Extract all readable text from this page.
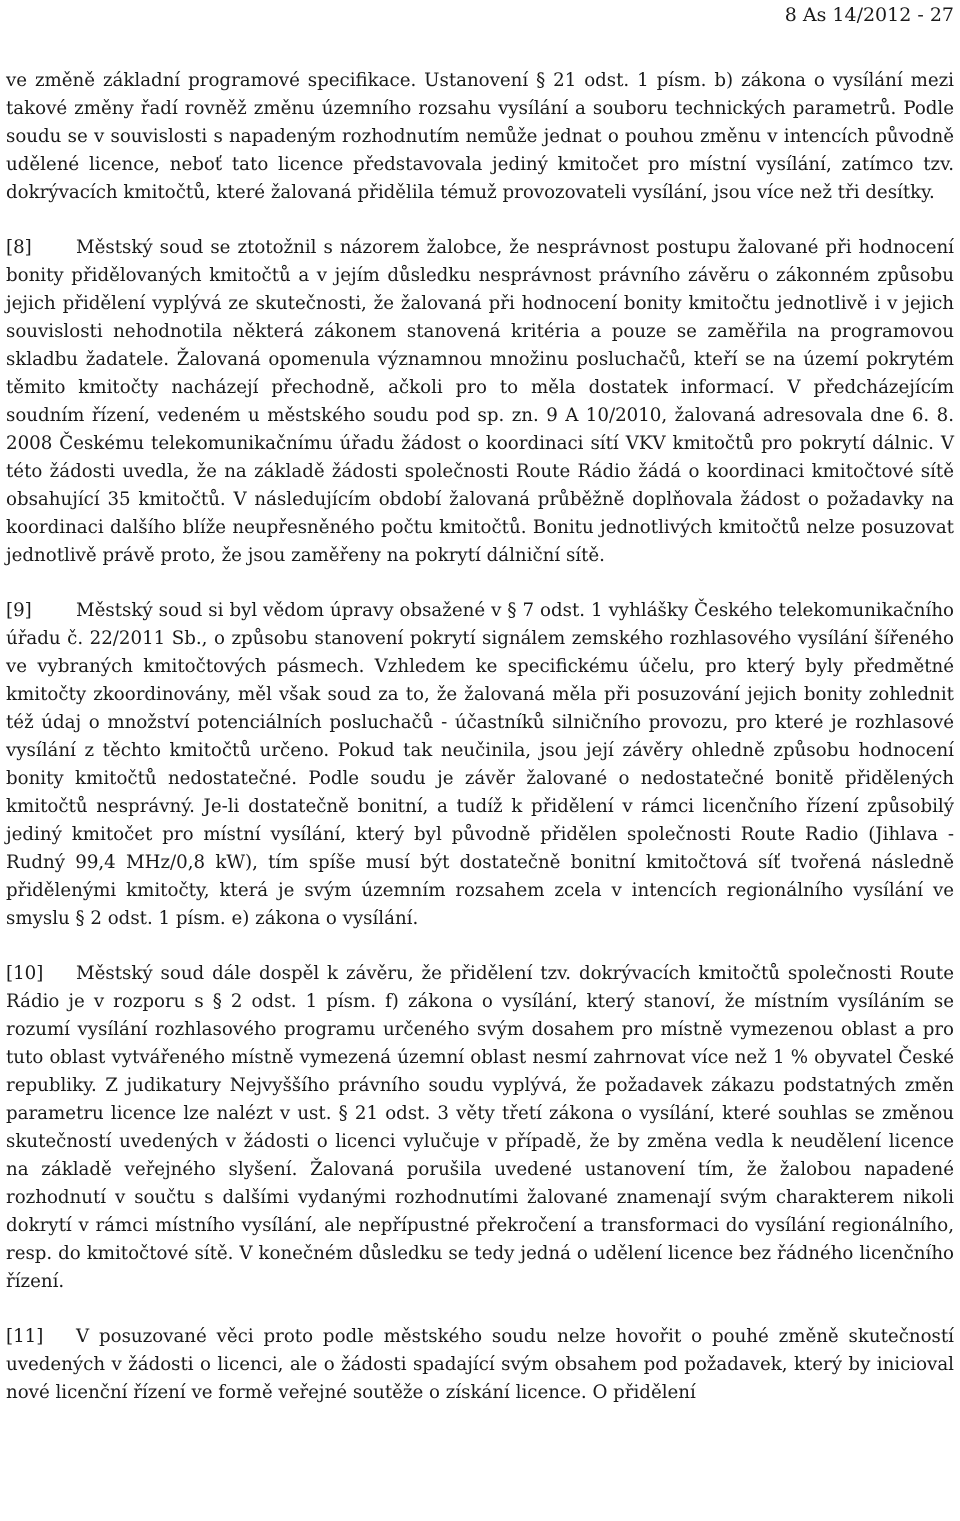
8 As 14/2012 - 27

ve změně základní programové specifikace. Ustanovení § 21 odst. 1 písm. b) zákona o vysílání mezi takové změny řadí rovněž změnu územního rozsahu vysílání a souboru technických parametrů. Podle soudu se v souvislosti s napadeným rozhodnutím nemůže jednat o pouhou změnu v intencích původně udělené licence, neboť tato licence představovala jediný kmitočet pro místní vysílání, zatímco tzv. dokrývacích kmitočtů, které žalovaná přidělila témuž provozovateli vysílání, jsou více než tři desítky.

[8] Městský soud se ztotožnil s názorem žalobce, že nesprávnost postupu žalované při hodnocení bonity přidělovaných kmitočtů a v jejím důsledku nesprávnost právního závěru o zákonném způsobu jejich přidělení vyplývá ze skutečnosti, že žalovaná při hodnocení bonity kmitočtu jednotlivě i v jejich souvislosti nehodnotila některá zákonem stanovená kritéria a pouze se zaměřila na programovou skladbu žadatele. Žalovaná opomenula významnou množinu posluchačů, kteří se na území pokrytém těmito kmitočty nacházejí přechodně, ačkoli pro to měla dostatek informací. V předcházejícím soudním řízení, vedeném u městského soudu pod sp. zn. 9 A 10/2010, žalovaná adresovala dne 6. 8. 2008 Českému telekomunikačnímu úřadu žádost o koordinaci sítí VKV kmitočtů pro pokrytí dálnic. V této žádosti uvedla, že na základě žádosti společnosti Route Rádio žádá o koordinaci kmitočtové sítě obsahující 35 kmitočtů. V následujícím období žalovaná průběžně doplňovala žádost o požadavky na koordinaci dalšího blíže neupřesněného počtu kmitočtů. Bonitu jednotlivých kmitočtů nelze posuzovat jednotlivě právě proto, že jsou zaměřeny na pokrytí dálniční sítě.

[9] Městský soud si byl vědom úpravy obsažené v § 7 odst. 1 vyhlášky Českého telekomunikačního úřadu č. 22/2011 Sb., o způsobu stanovení pokrytí signálem zemského rozhlasového vysílání šířeného ve vybraných kmitočtových pásmech. Vzhledem ke specifickému účelu, pro který byly předmětné kmitočty zkoordinovány, měl však soud za to, že žalovaná měla při posuzování jejich bonity zohlednit též údaj o množství potenciálních posluchačů - účastníků silničního provozu, pro které je rozhlasové vysílání z těchto kmitočtů určeno. Pokud tak neučinila, jsou její závěry ohledně způsobu hodnocení bonity kmitočtů nedostatečné. Podle soudu je závěr žalované o nedostatečné bonitě přidělených kmitočtů nesprávný. Je-li dostatečně bonitní, a tudíž k přidělení v rámci licenčního řízení způsobilý jediný kmitočet pro místní vysílání, který byl původně přidělen společnosti Route Radio (Jihlava -Rudný 99,4 MHz/0,8 kW), tím spíše musí být dostatečně bonitní kmitočtová síť tvořená následně přidělenými kmitočty, která je svým územním rozsahem zcela v intencích regionálního vysílání ve smyslu § 2 odst. 1 písm. e) zákona o vysílání.

[10] Městský soud dále dospěl k závěru, že přidělení tzv. dokrývacích kmitočtů společnosti Route Rádio je v rozporu s § 2 odst. 1 písm. f) zákona o vysílání, který stanoví, že místním vysíláním se rozumí vysílání rozhlasového programu určeného svým dosahem pro místně vymezenou oblast a pro tuto oblast vytvářeného místně vymezená územní oblast nesmí zahrnovat více než 1 % obyvatel České republiky. Z judikatury Nejvyššího právního soudu vyplývá, že požadavek zákazu podstatných změn parametru licence lze nalézt v ust. § 21 odst. 3 věty třetí zákona o vysílání, které souhlas se změnou skutečností uvedených v žádosti o licenci vylučuje v případě, že by změna vedla k neudělení licence na základě veřejného slyšení. Žalovaná porušila uvedené ustanovení tím, že žalobou napadené rozhodnutí v součtu s dalšími vydanými rozhodnutími žalované znamenají svým charakterem nikoli dokrytí v rámci místního vysílání, ale nepřípustné překročení a transformaci do vysílání regionálního, resp. do kmitočtové sítě. V konečném důsledku se tedy jedná o udělení licence bez řádného licenčního řízení.

[11] V posuzované věci proto podle městského soudu nelze hovořit o pouhé změně skutečností uvedených v žádosti o licenci, ale o žádosti spadající svým obsahem pod požadavek, který by inicioval nové licenční řízení ve formě veřejné soutěže o získání licence. O přidělení
